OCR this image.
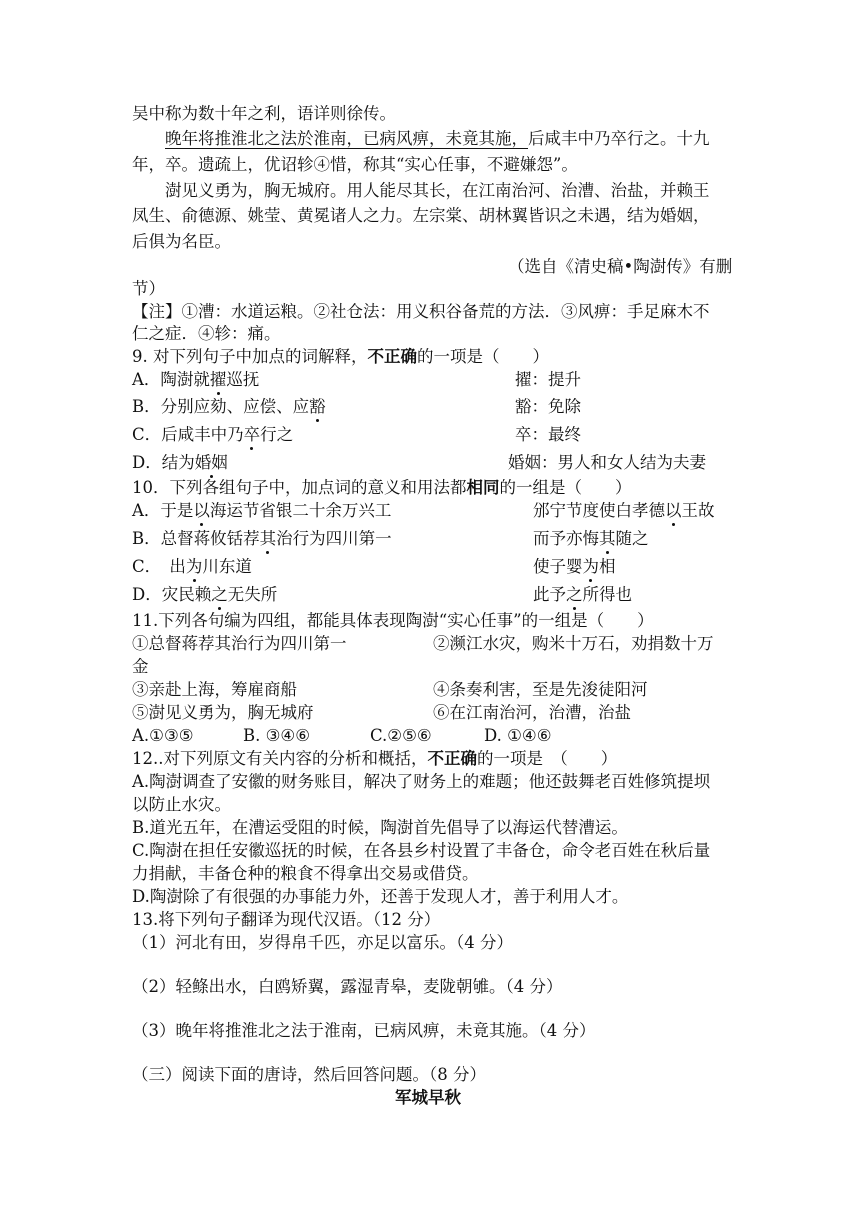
吴中称为数十年之利，语详则徐传。
晚年将推淮北之法於淮南，已病风痹，未竟其施，后咸丰中乃卒行之。十九
年，卒。遗疏上，优诏轸④惜，称其“实心任事，不避嫌怨”。
澍见义勇为，胸无城府。用人能尽其长，在江南治河、治漕、治盐，并赖王
凤生、俞德源、姚莹、黄冕诸人之力。左宗棠、胡林翼皆识之未遇，结为婚姻，
后俱为名臣。
（选自《清史稿•陶澍传》有删
节）
【注】①漕：水道运粮。②社仓法：用义积谷备荒的方法．③风痹：手足麻木不
仁之症．④轸：痛。
9. 对下列句子中加点的词解释，不正确的一项是（　　）
A．陶澍就擢巡抚	擢：提升
B．分别应劾、应偿、应豁	豁：免除
C．后咸丰中乃卒行之	卒：最终
D．结为婚姻	婚姻：男人和女人结为夫妻
10．下列各组句子中，加点词的意义和用法都相同的一组是（　　）
A．于是以海运节省银二十余万兴工	邠宁节度使白孝德以王故
B．总督蒋攸铦荐其治行为四川第一	而予亦悔其随之
C．　出为川东道	使子婴为相
D．灾民赖之无失所	此予之所得也
11.下列各句编为四组，都能具体表现陶澍“实心任事”的一组是（　　）
①总督蒋荐其治行为四川第一	②濒江水灾，购米十万石，劝捐数十万
金
③亲赴上海，筹雇商船	④条奏利害，至是先浚徒阳河
⑤澍见义勇为，胸无城府	⑥在江南治河，治漕，治盐
A.①③⑤	B. ③④⑥	C.②⑤⑥	D. ①④⑥
12..对下列原文有关内容的分析和概括，不正确的一项是　（　　）
A.陶澍调查了安徽的财务账目，解决了财务上的难题；他还鼓舞老百姓修筑提坝
以防止水灾。
B.道光五年，在漕运受阻的时候，陶澍首先倡导了以海运代替漕运。
C.陶澍在担任安徽巡抚的时候，在各县乡村设置了丰备仓，命令老百姓在秋后量
力捐献，丰备仓种的粮食不得拿出交易或借贷。
D.陶澍除了有很强的办事能力外，还善于发现人才，善于利用人才。
13.将下列句子翻译为现代汉语。（12 分）
（1）河北有田，岁得帛千匹，亦足以富乐。（4 分）
（2）轻鲦出水，白鸥矫翼，露湿青皋，麦陇朝雊。（4 分）
（3）晚年将推淮北之法于淮南，已病风痹，未竟其施。（4 分）
（三）阅读下面的唐诗，然后回答问题。（8 分）
军城早秋
